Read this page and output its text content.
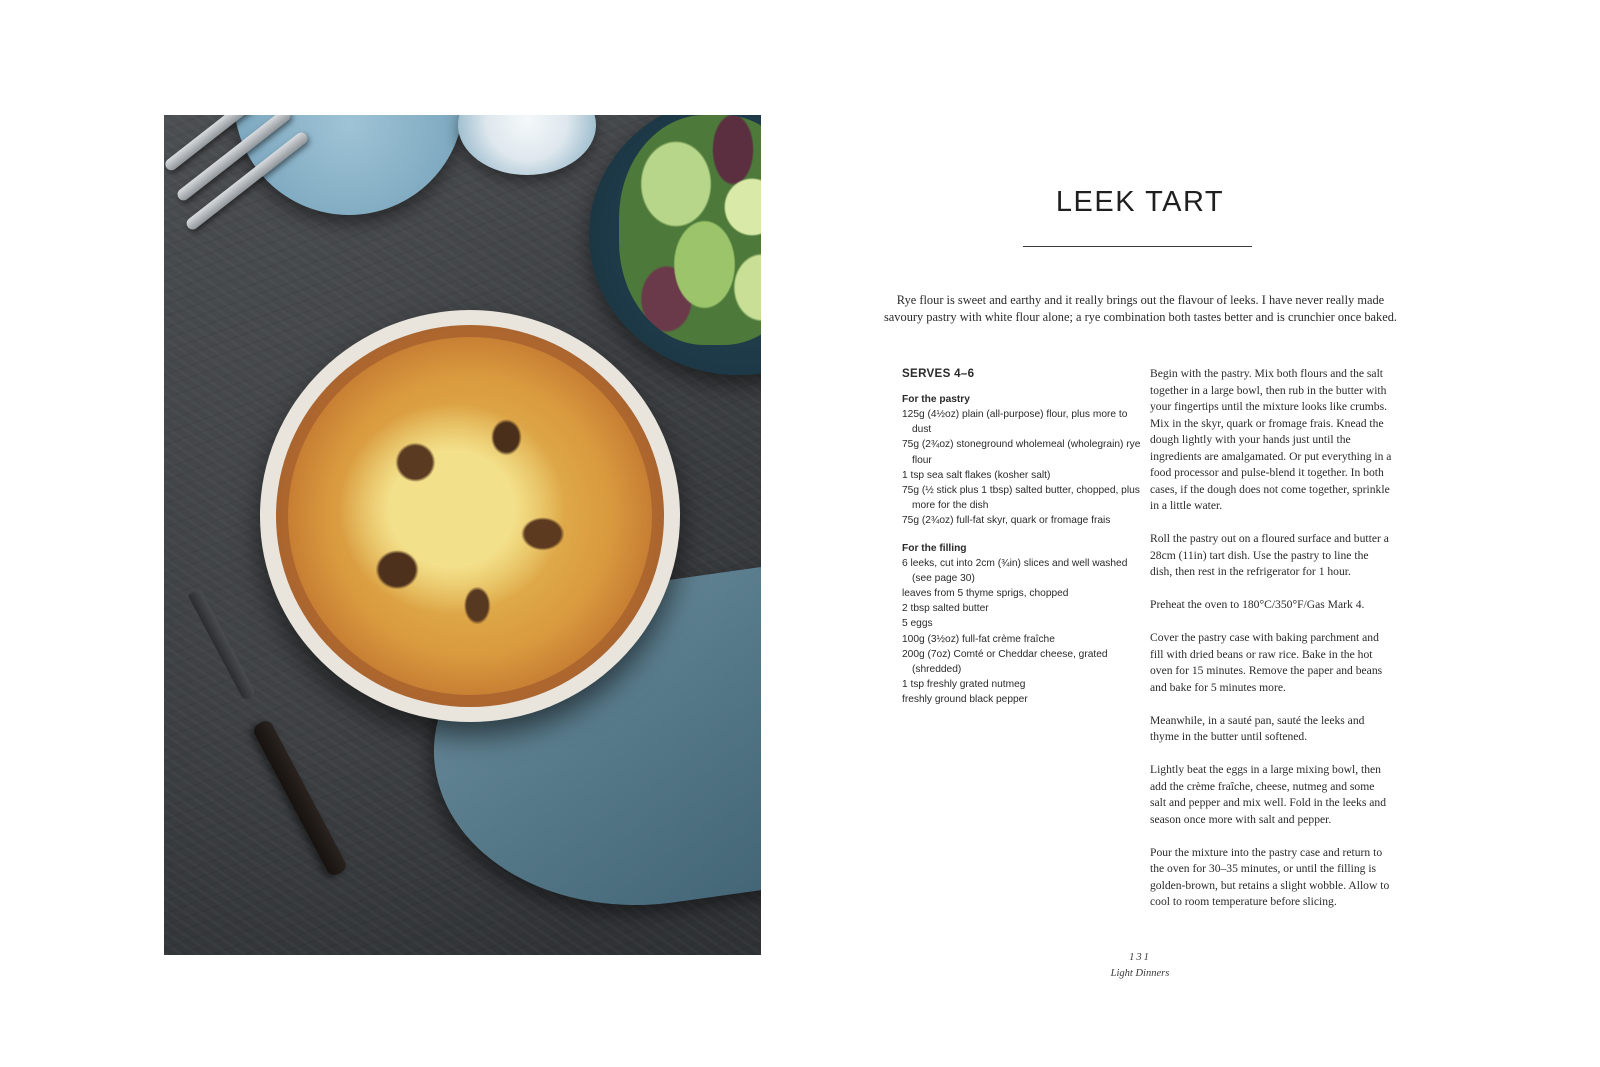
LEEK TART
Rye flour is sweet and earthy and it really brings out the flavour of leeks. I have never really made savoury pastry with white flour alone; a rye combination both tastes better and is crunchier once baked.
SERVES 4–6
For the pastry
125g (4½oz) plain (all-purpose) flour, plus more to dust
75g (2¾oz) stoneground wholemeal (wholegrain) rye flour
1 tsp sea salt flakes (kosher salt)
75g (½ stick plus 1 tbsp) salted butter, chopped, plus more for the dish
75g (2¾oz) full-fat skyr, quark or fromage frais
For the filling
6 leeks, cut into 2cm (¾in) slices and well washed (see page 30)
leaves from 5 thyme sprigs, chopped
2 tbsp salted butter
5 eggs
100g (3½oz) full-fat crème fraîche
200g (7oz) Comté or Cheddar cheese, grated (shredded)
1 tsp freshly grated nutmeg
freshly ground black pepper

Begin with the pastry. Mix both flours and the salt together in a large bowl, then rub in the butter with your fingertips until the mixture looks like crumbs. Mix in the skyr, quark or fromage frais. Knead the dough lightly with your hands just until the ingredients are amalgamated. Or put everything in a food processor and pulse-blend it together. In both cases, if the dough does not come together, sprinkle in a little water.

Roll the pastry out on a floured surface and butter a 28cm (11in) tart dish. Use the pastry to line the dish, then rest in the refrigerator for 1 hour.

Preheat the oven to 180°C/350°F/Gas Mark 4.

Cover the pastry case with baking parchment and fill with dried beans or raw rice. Bake in the hot oven for 15 minutes. Remove the paper and beans and bake for 5 minutes more.

Meanwhile, in a sauté pan, sauté the leeks and thyme in the butter until softened.

Lightly beat the eggs in a large mixing bowl, then add the crème fraîche, cheese, nutmeg and some salt and pepper and mix well. Fold in the leeks and season once more with salt and pepper.

Pour the mixture into the pastry case and return to the oven for 30–35 minutes, or until the filling is golden-brown, but retains a slight wobble. Allow to cool to room temperature before slicing.

131
Light Dinners
